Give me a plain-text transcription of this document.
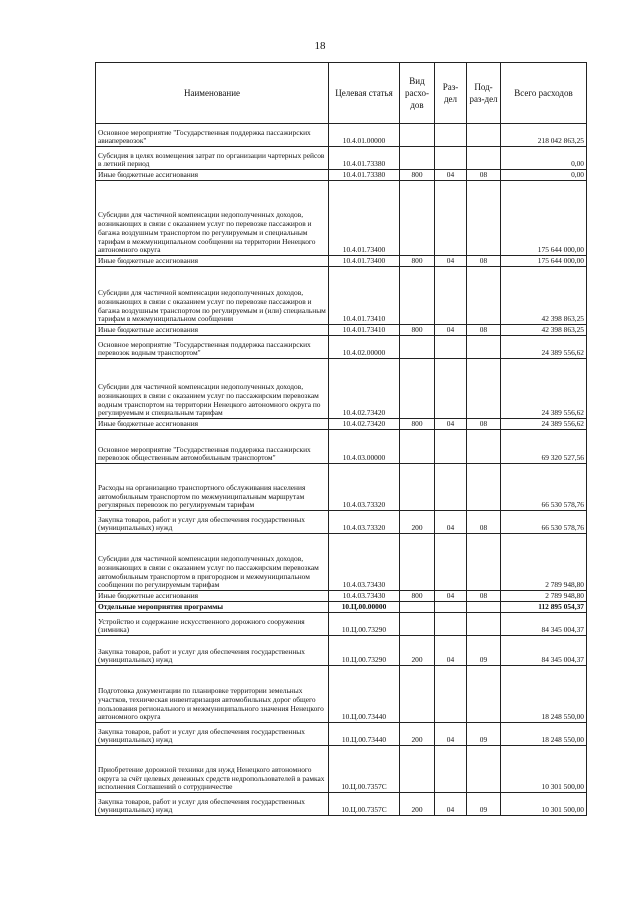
18
Наименование	Целевая статья	Вид расхо-дов	Раз-дел	Под-раз-дел	Всего расходов
Основное мероприятие "Государственная поддержка пассажирских авиаперевозок"	10.4.01.00000				218 042 863,25
Субсидия в целях возмещения затрат по организации чартерных рейсов в летний период	10.4.01.73380				0,00
Иные бюджетные ассигнования	10.4.01.73380	800	04	08	0,00
Субсидии для частичной компенсации недополученных доходов, возникающих в связи с оказанием услуг по перевозке пассажиров и багажа воздушным транспортом по регулируемым и специальным тарифам в межмуниципальном сообщении на территории Ненецкого автономного округа	10.4.01.73400				175 644 000,00
Иные бюджетные ассигнования	10.4.01.73400	800	04	08	175 644 000,00
Субсидии для частичной компенсации недополученных доходов, возникающих в связи с оказанием услуг по перевозке пассажиров и багажа воздушным транспортом по регулируемым и (или) специальным тарифам в межмуниципальном сообщении	10.4.01.73410				42 398 863,25
Иные бюджетные ассигнования	10.4.01.73410	800	04	08	42 398 863,25
Основное мероприятие "Государственная поддержка пассажирских перевозок водным транспортом"	10.4.02.00000				24 389 556,62
Субсидии для частичной компенсации недополученных доходов, возникающих в связи с оказанием услуг по пассажирским перевозкам водным транспортом на территории Ненецкого автономного округа по регулируемым и специальным тарифам	10.4.02.73420				24 389 556,62
Иные бюджетные ассигнования	10.4.02.73420	800	04	08	24 389 556,62
Основное мероприятие "Государственная поддержка пассажирских перевозок общественным автомобильным транспортом"	10.4.03.00000				69 320 527,56
Расходы на организацию транспортного обслуживания населения автомобильным транспортом по межмуниципальным маршрутам регулярных перевозок по регулируемым тарифам	10.4.03.73320				66 530 578,76
Закупка товаров, работ и услуг для обеспечения государственных (муниципальных) нужд	10.4.03.73320	200	04	08	66 530 578,76
Субсидии для частичной компенсации недополученных доходов, возникающих в связи с оказанием услуг по пассажирским перевозкам автомобильным транспортом в пригородном и межмуниципальном сообщении по регулируемым тарифам	10.4.03.73430				2 789 948,80
Иные бюджетные ассигнования	10.4.03.73430	800	04	08	2 789 948,80
Отдельные мероприятия программы	10.Ц.00.00000				112 895 054,37
Устройство и содержание искусственного дорожного сооружения (зимника)	10.Ц.00.73290				84 345 004,37
Закупка товаров, работ и услуг для обеспечения государственных (муниципальных) нужд	10.Ц.00.73290	200	04	09	84 345 004,37
Подготовка документации по планировке территории земельных участков, техническая инвентаризация автомобильных дорог общего пользования регионального и межмуниципального значения Ненецкого автономного округа	10.Ц.00.73440				18 248 550,00
Закупка товаров, работ и услуг для обеспечения государственных (муниципальных) нужд	10.Ц.00.73440	200	04	09	18 248 550,00
Приобретение дорожной техники для нужд Ненецкого автономного округа за счёт целевых денежных средств недропользователей в рамках исполнения Соглашений о сотрудничестве	10.Ц.00.7357С				10 301 500,00
Закупка товаров, работ и услуг для обеспечения государственных (муниципальных) нужд	10.Ц.00.7357С	200	04	09	10 301 500,00
